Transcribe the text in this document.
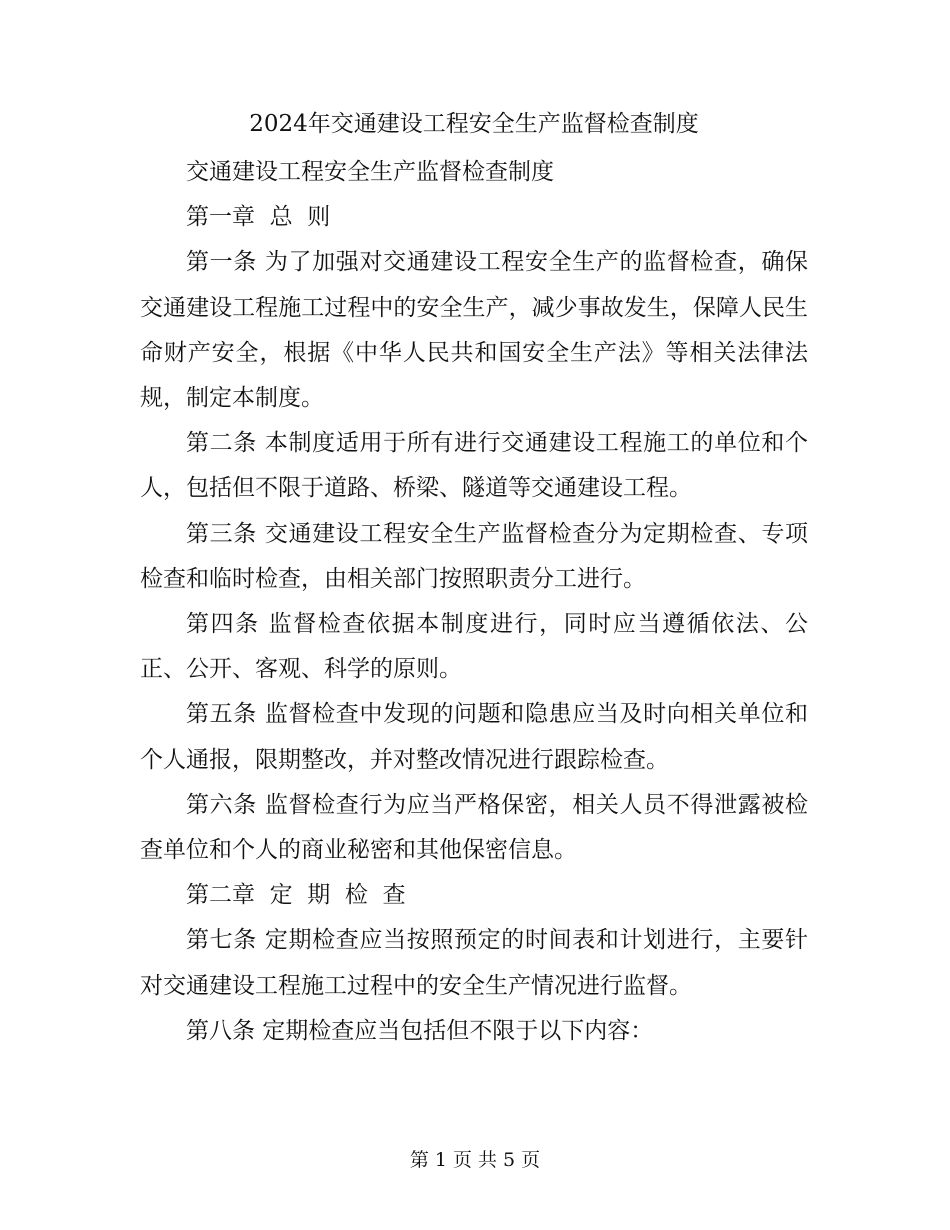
2024年交通建设工程安全生产监督检查制度

交通建设工程安全生产监督检查制度

第一章  总  则

第一条 为了加强对交通建设工程安全生产的监督检查，确保交通建设工程施工过程中的安全生产，减少事故发生，保障人民生命财产安全，根据《中华人民共和国安全生产法》等相关法律法规，制定本制度。

第二条 本制度适用于所有进行交通建设工程施工的单位和个人，包括但不限于道路、桥梁、隧道等交通建设工程。

第三条 交通建设工程安全生产监督检查分为定期检查、专项检查和临时检查，由相关部门按照职责分工进行。

第四条 监督检查依据本制度进行，同时应当遵循依法、公正、公开、客观、科学的原则。

第五条 监督检查中发现的问题和隐患应当及时向相关单位和个人通报，限期整改，并对整改情况进行跟踪检查。

第六条 监督检查行为应当严格保密，相关人员不得泄露被检查单位和个人的商业秘密和其他保密信息。

第二章  定  期  检  查

第七条 定期检查应当按照预定的时间表和计划进行，主要针对交通建设工程施工过程中的安全生产情况进行监督。

第八条 定期检查应当包括但不限于以下内容：

第 1 页 共 5 页
